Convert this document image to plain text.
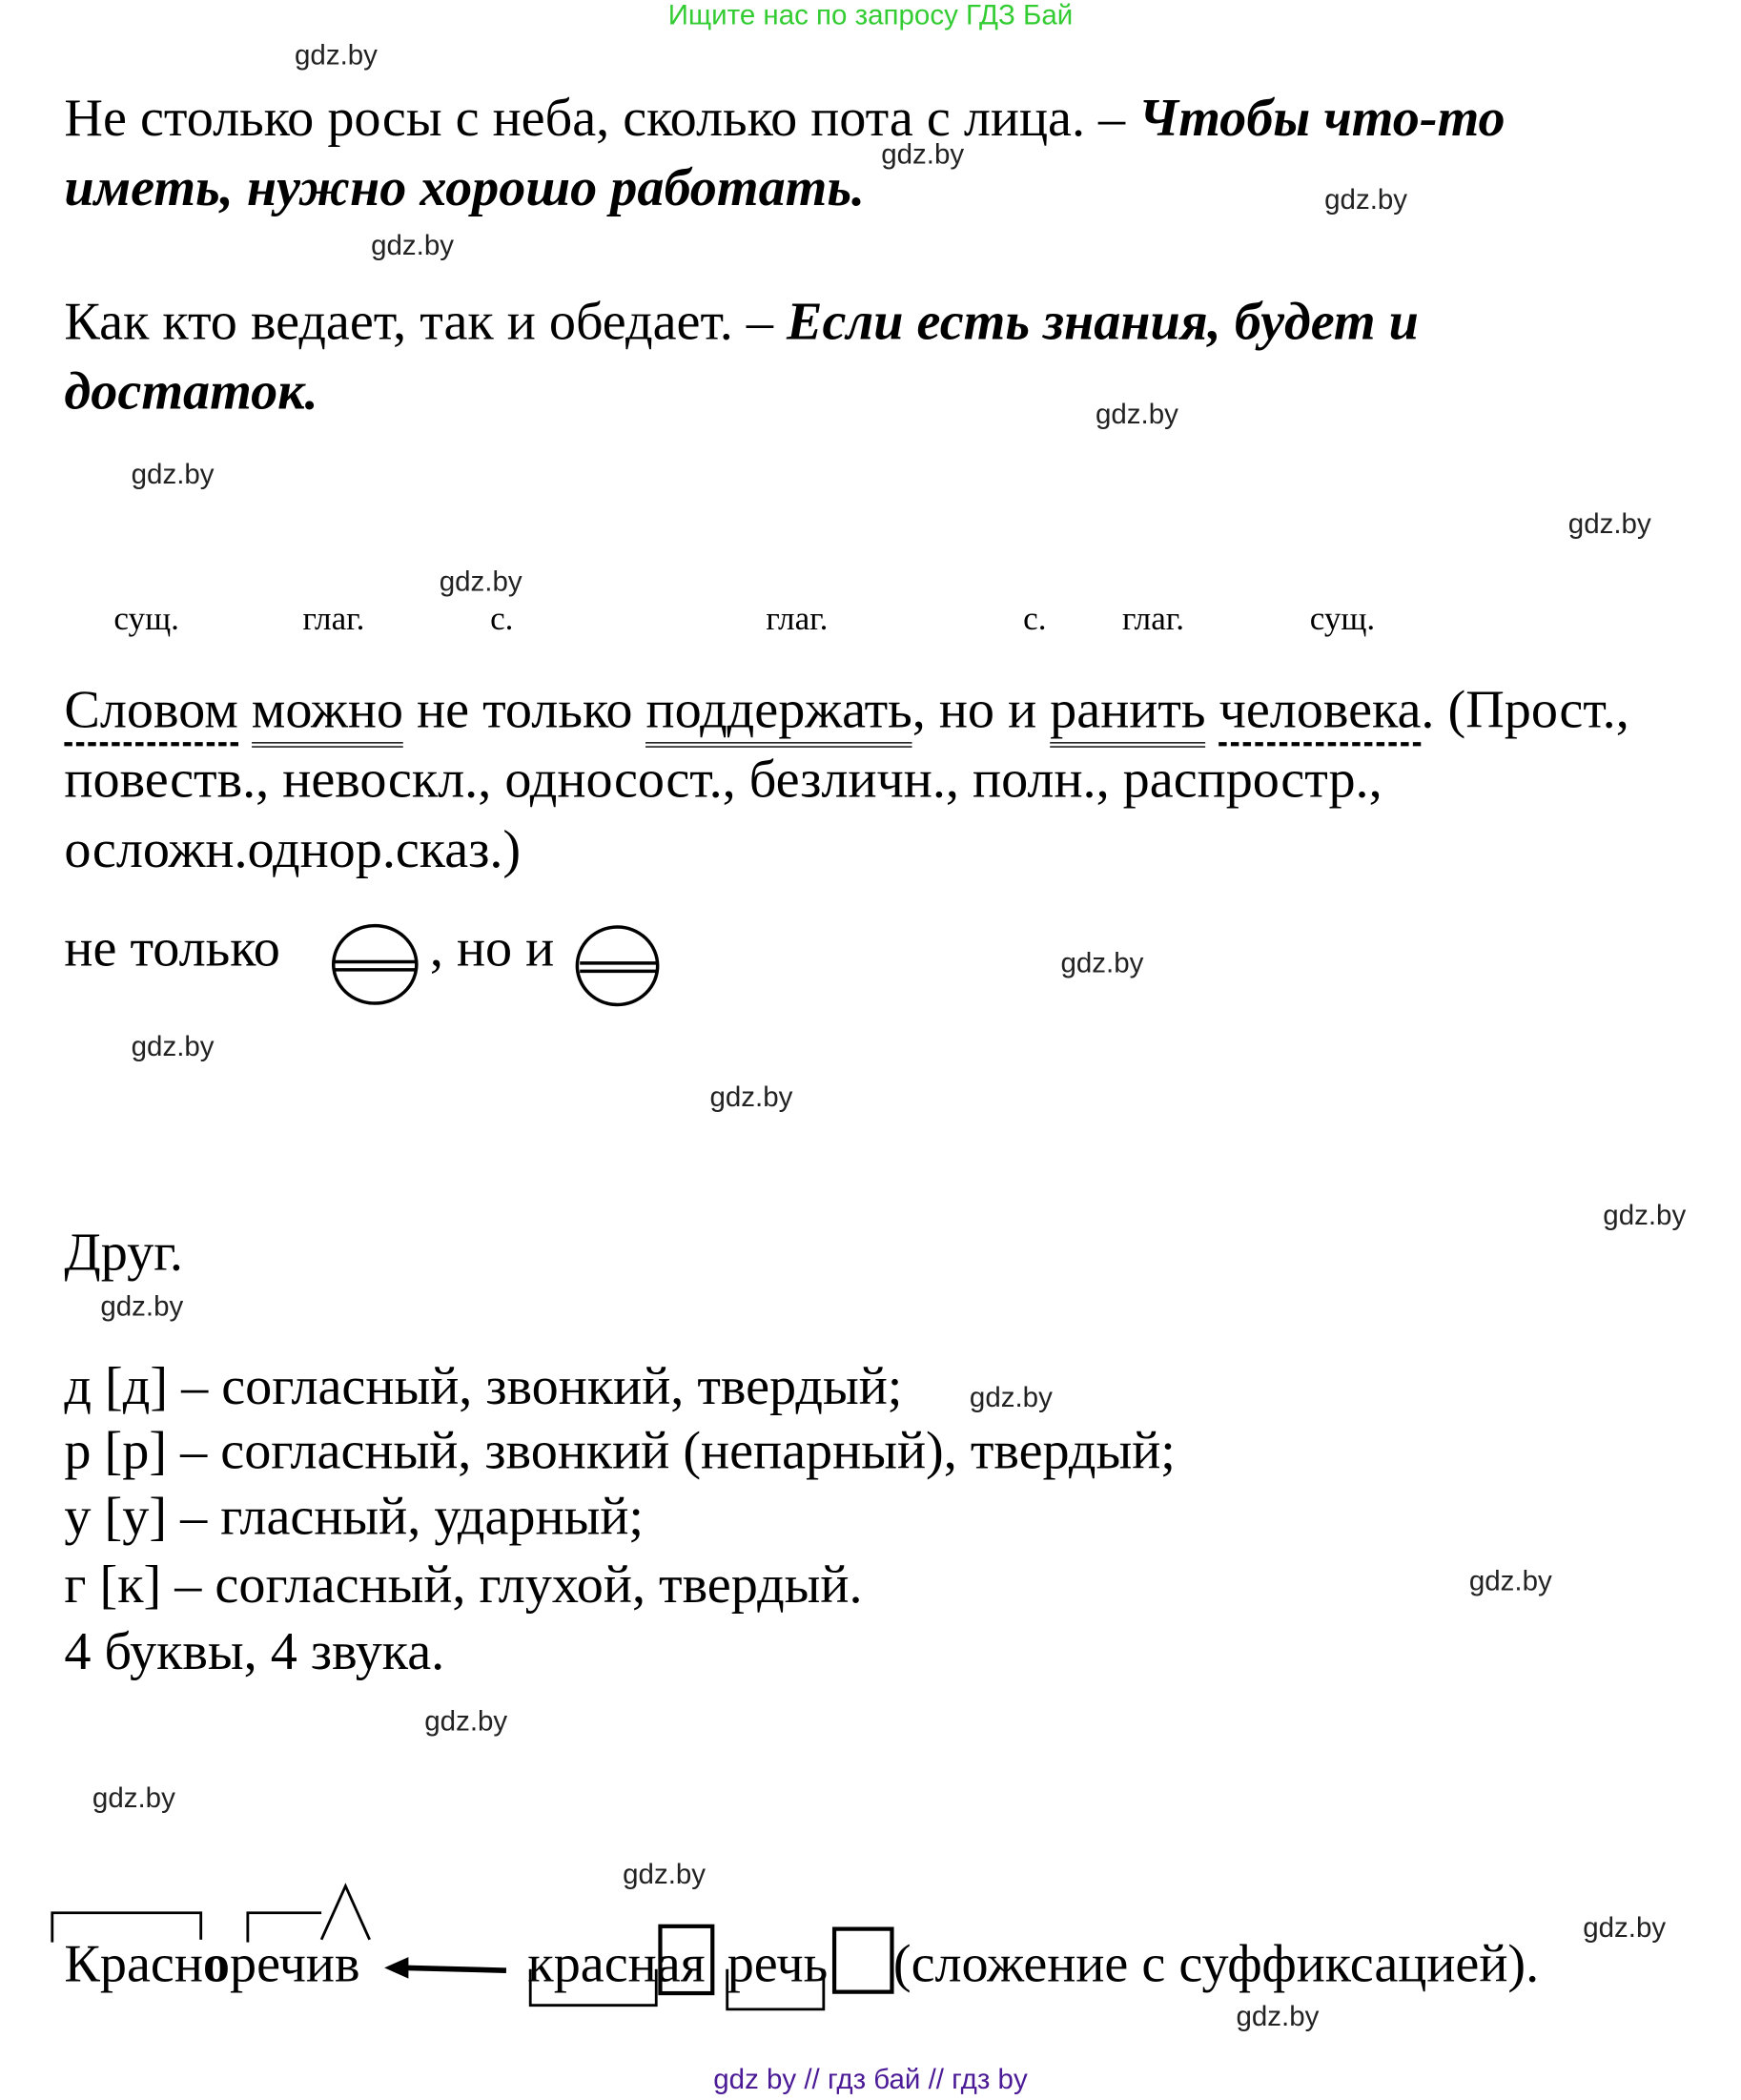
Ищите нас по запросу ГДЗ Бай
gdz.by
gdz.by
gdz.by
gdz.by
gdz.by
gdz.by
gdz.by
gdz.by
gdz.by
gdz.by
gdz.by
gdz.by
gdz.by
gdz.by
gdz.by
gdz.by
gdz.by
gdz.by
gdz.by
gdz.by
Не столько росы с неба, сколько пота с лица. – Чтобы что-то
иметь, нужно хорошо работать.
Как кто ведает, так и обедает. – Если есть знания, будет и
достаток.
сущ.	глаг.	с.	глаг.	с.	глаг.	сущ.
Словом можно не только поддержать, но и ранить человека. (Прост.,
повеств., невоскл., односост., безличн., полн., распростр.,
осложн.однор.сказ.)
не только	, но и
Друг.
д [д] – согласный, звонкий, твердый;
р [р] – согласный, звонкий (непарный), твердый;
у [у] – гласный, ударный;
г [к] – согласный, глухой, твердый.
4 буквы, 4 звука.
Красноречив	красная речь (сложение с суффиксацией).
gdz by // гдз бай // гдз by
